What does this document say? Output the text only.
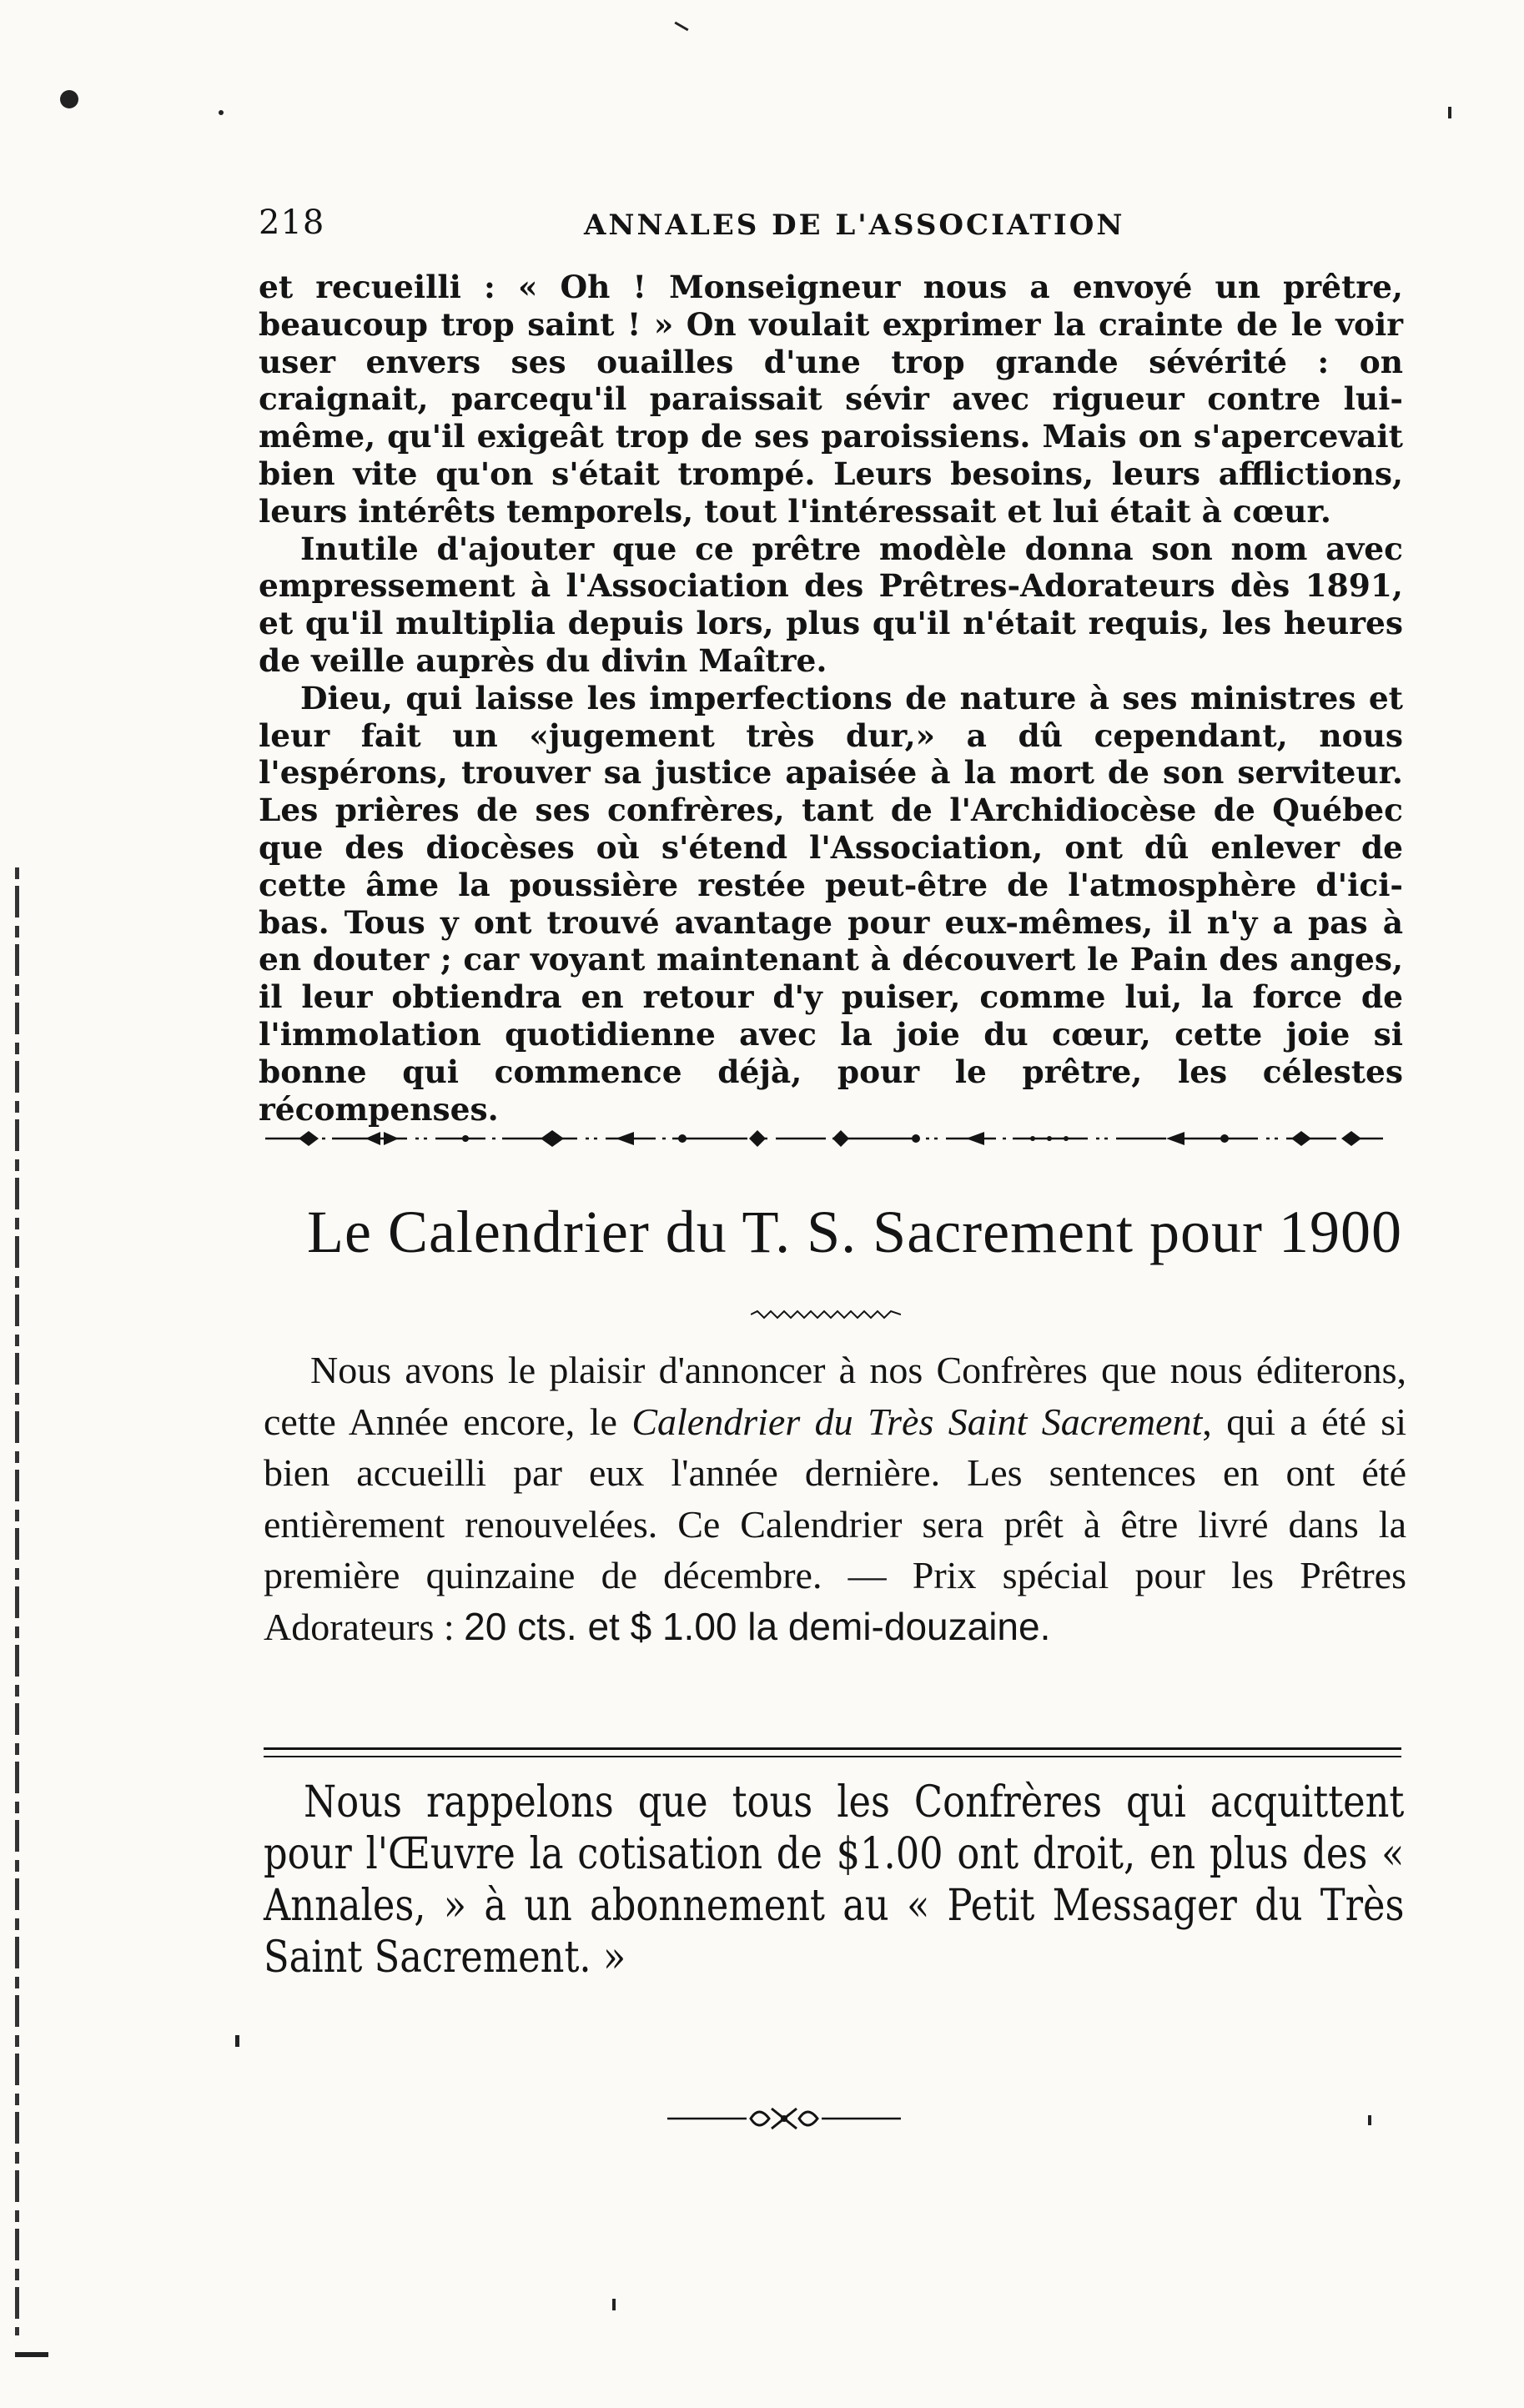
218	ANNALES DE L'ASSOCIATION

et recueilli : « Oh ! Monseigneur nous a envoyé un prêtre, beaucoup trop saint ! » On voulait exprimer la crainte de le voir user envers ses ouailles d'une trop grande sévérité : on craignait, parcequ'il paraissait sévir avec rigueur contre lui-même, qu'il exigeât trop de ses paroissiens. Mais on s'apercevait bien vite qu'on s'était trompé. Leurs besoins, leurs afflictions, leurs intérêts temporels, tout l'intéressait et lui était à cœur.

Inutile d'ajouter que ce prêtre modèle donna son nom avec empressement à l'Association des Prêtres-Adorateurs dès 1891, et qu'il multiplia depuis lors, plus qu'il n'était requis, les heures de veille auprès du divin Maître.

Dieu, qui laisse les imperfections de nature à ses ministres et leur fait un «jugement très dur,» a dû cependant, nous l'espérons, trouver sa justice apaisée à la mort de son serviteur. Les prières de ses confrères, tant de l'Archidiocèse de Québec que des diocèses où s'étend l'Association, ont dû enlever de cette âme la poussière restée peut-être de l'atmosphère d'ici-bas. Tous y ont trouvé avantage pour eux-mêmes, il n'y a pas à en douter ; car voyant maintenant à découvert le Pain des anges, il leur obtiendra en retour d'y puiser, comme lui, la force de l'immolation quotidienne avec la joie du cœur, cette joie si bonne qui commence déjà, pour le prêtre, les célestes récompenses.

Le Calendrier du T. S. Sacrement pour 1900

Nous avons le plaisir d'annoncer à nos Confrères que nous éditerons, cette Année encore, le Calendrier du Très Saint Sacrement, qui a été si bien accueilli par eux l'année dernière. Les sentences en ont été entièrement renouvelées. Ce Calendrier sera prêt à être livré dans la première quinzaine de décembre. — Prix spécial pour les Prêtres Adorateurs : 20 cts. et $ 1.00 la demi-douzaine.

Nous rappelons que tous les Confrères qui acquittent pour l'Œuvre la cotisation de $1.00 ont droit, en plus des « Annales, » à un abonnement au « Petit Messager du Très Saint Sacrement. »
